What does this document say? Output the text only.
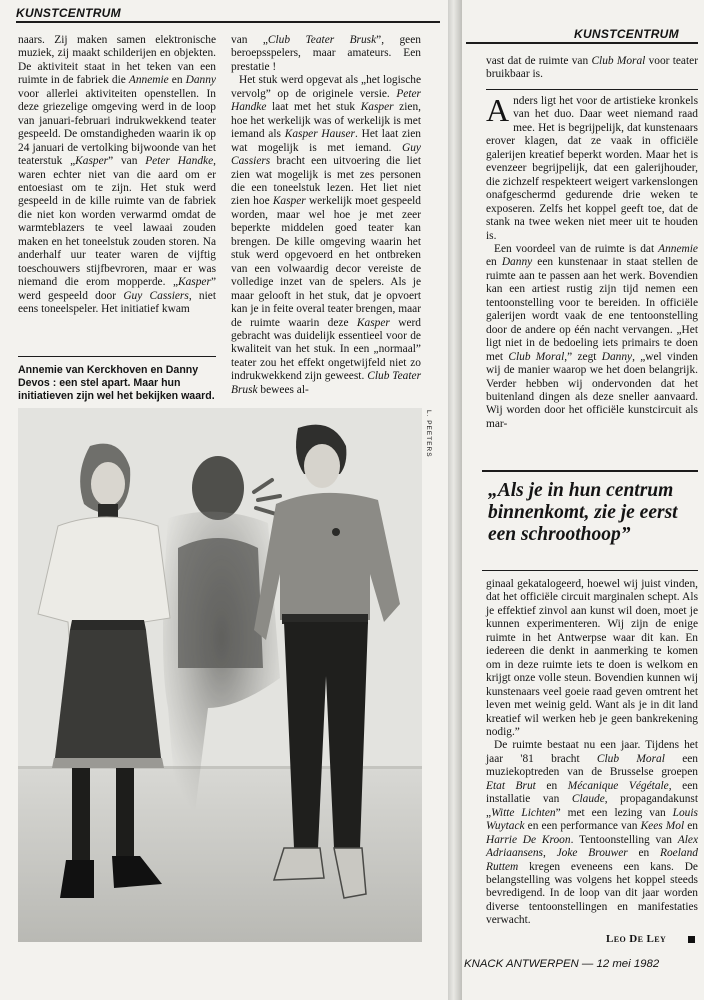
KUNSTCENTRUM

naars. Zij maken samen elektronische muziek, zij maakt schilderijen en objekten. De aktiviteit staat in het teken van een ruimte in de fabriek die Annemie en Danny voor allerlei aktiviteiten openstellen. In deze griezelige omgeving werd in de loop van januari-februari indrukwekkend teater gespeeld. De omstandigheden waarin ik op 24 januari de vertolking bijwoonde van het teaterstuk „Kasper” van Peter Handke, waren echter niet van die aard om er entoesiast om te zijn. Het stuk werd gespeeld in de kille ruimte van de fabriek die niet kon worden verwarmd omdat de warmteblazers te veel lawaai zouden maken en het toneelstuk zouden storen. Na anderhalf uur teater waren de vijftig toeschouwers stijfbevroren, maar er was niemand die erom mopperde. „Kasper” werd gespeeld door Guy Cassiers, niet eens toneelspeler. Het initiatief kwam

van „Club Teater Brusk”, geen beroepsspelers, maar amateurs. Een prestatie !

Het stuk werd opgevat als „het logische vervolg” op de originele versie. Peter Handke laat met het stuk Kasper zien, hoe het werkelijk was of werkelijk is met iemand als Kasper Hauser. Het laat zien wat mogelijk is met iemand. Guy Cassiers bracht een uitvoering die liet zien wat mogelijk is met zes personen die een toneelstuk lezen. Het liet niet zien hoe Kasper werkelijk moet gespeeld worden, maar wel hoe je met zeer beperkte middelen goed teater kan brengen. De kille omgeving waarin het stuk werd opgevoerd en het ontbreken van een volwaardig decor vereiste de volledige inzet van de spelers. Als je maar gelooft in het stuk, dat je opvoert kan je in feite overal teater brengen, maar de ruimte waarin deze Kasper werd gebracht was duidelijk essentieel voor de kwaliteit van het stuk. In een „normaal” teater zou het effekt ongetwijfeld niet zo indrukwekkend zijn geweest. Club Teater Brusk bewees al-

Annemie van Kerckhoven en Danny Devos : een stel apart. Maar hun initiatieven zijn wel het bekijken waard.
L. PEETERS
KUNSTCENTRUM

vast dat de ruimte van Club Moral voor teater bruikbaar is.

Anders ligt het voor de artistieke kronkels van het duo. Daar weet niemand raad mee. Het is begrijpelijk, dat kunstenaars erover klagen, dat ze vaak in officiële galerijen kreatief beperkt worden. Maar het is evenzeer begrijpelijk, dat een galerijhouder, die zichzelf respekteert weigert varkenslongen onafgeschermd gedurende drie weken te exposeren. Zelfs het koppel geeft toe, dat de stank na twee weken niet meer uit te houden is.

Een voordeel van de ruimte is dat Annemie en Danny een kunstenaar in staat stellen de ruimte aan te passen aan het werk. Bovendien kan een artiest rustig zijn tijd nemen een tentoonstelling voor te bereiden. In officiële galerijen wordt vaak de ene tentoonstelling door de andere op één nacht vervangen. „Het ligt niet in de bedoeling iets primairs te doen met Club Moral,” zegt Danny, „wel vinden wij de manier waarop we het doen belangrijk. Verder hebben wij ondervonden dat het buitenland dingen als deze sneller aanvaard. Wij worden door het officiële kunstcircuit als mar-

„Als je in hun centrum binnenkomt, zie je eerst een schroothoop”

ginaal gekatalogeerd, hoewel wij juist vinden, dat het officiële circuit marginalen schept. Als je effektief zinvol aan kunst wil doen, moet je kunnen experimenteren. Wij zijn de enige ruimte in het Antwerpse waar dit kan. En iedereen die denkt in aanmerking te komen om in deze ruimte iets te doen is welkom en krijgt onze volle steun. Bovendien kunnen wij kunstenaars veel goeie raad geven omtrent het leven met weinig geld. Want als je in dit land kreatief wil werken heb je geen bankrekening nodig.”

De ruimte bestaat nu een jaar. Tijdens het jaar '81 bracht Club Moral een muziekoptreden van de Brusselse groepen Etat Brut en Mécanique Végétale, een installatie van Claude, propagandakunst „Witte Lichten” met een lezing van Louis Wuytack en een performance van Kees Mol en Harrie De Kroon. Tentoonstelling van Alex Adriaansens, Joke Brouwer en Roeland Ruttem kregen eveneens een kans. De belangstelling was volgens het koppel steeds bevredigend. In de loop van dit jaar worden diverse tentoonstellingen en manifestaties verwacht.

Leo De Ley
KNACK ANTWERPEN — 12 mei 1982
